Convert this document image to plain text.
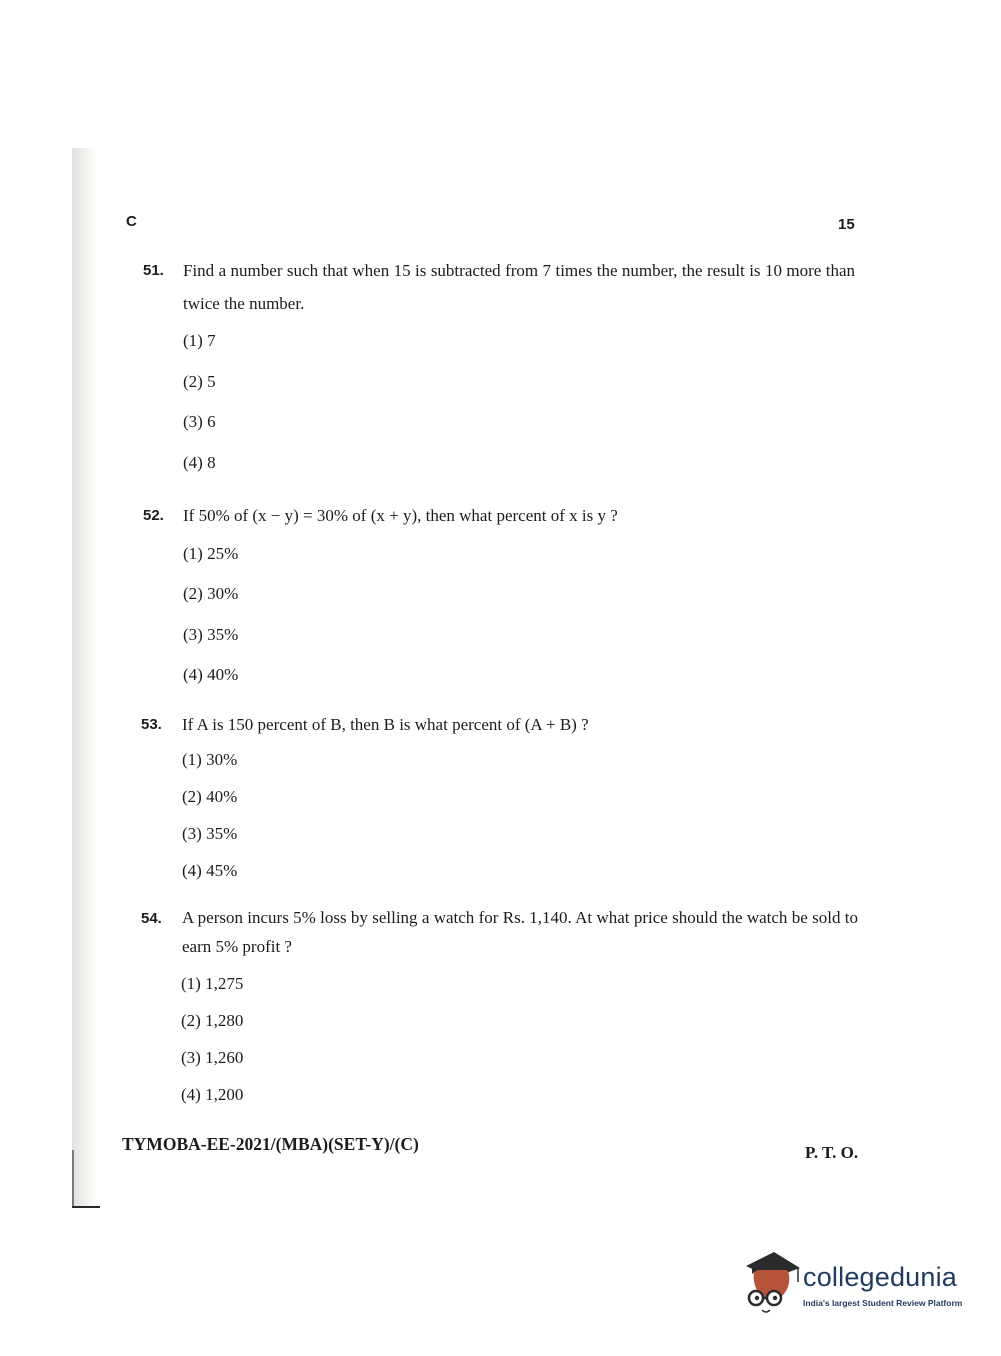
C	15
51. Find a number such that when 15 is subtracted from 7 times the number, the result is 10 more than twice the number.
(1) 7
(2) 5
(3) 6
(4) 8
52. If 50% of (x − y) = 30% of (x + y), then what percent of x is y ?
(1) 25%
(2) 30%
(3) 35%
(4) 40%
53. If A is 150 percent of B, then B is what percent of (A + B) ?
(1) 30%
(2) 40%
(3) 35%
(4) 45%
54. A person incurs 5% loss by selling a watch for Rs. 1,140. At what price should the watch be sold to earn 5% profit ?
(1) 1,275
(2) 1,280
(3) 1,260
(4) 1,200
TYMOBA-EE-2021/(MBA)(SET-Y)/(C)	P. T. O.
collegedunia
India's largest Student Review Platform
